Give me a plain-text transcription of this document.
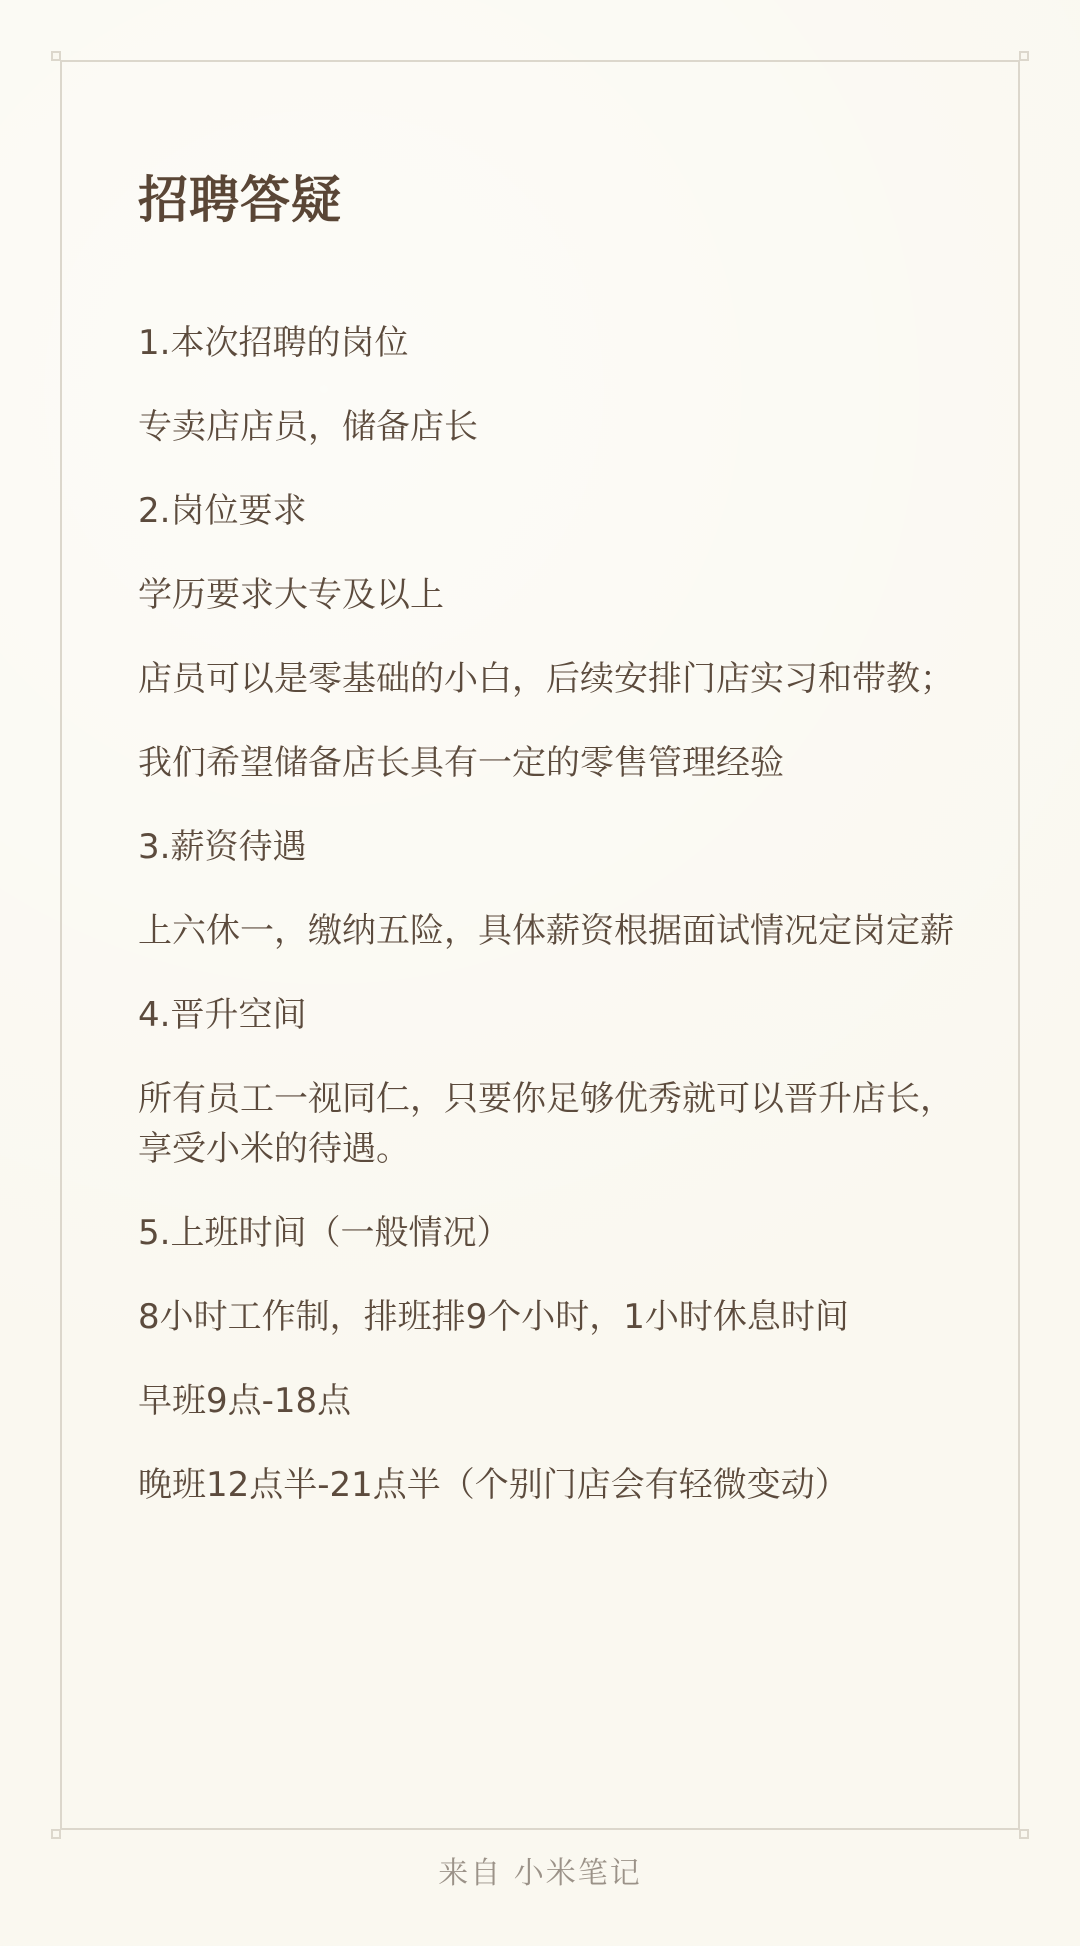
招聘答疑

1.本次招聘的岗位

专卖店店员，储备店长

2.岗位要求

学历要求大专及以上

店员可以是零基础的小白，后续安排门店实习和带教；

我们希望储备店长具有一定的零售管理经验

3.薪资待遇

上六休一，缴纳五险，具体薪资根据面试情况定岗定薪

4.晋升空间

所有员工一视同仁，只要你足够优秀就可以晋升店长，享受小米的待遇。

5.上班时间（一般情况）

8小时工作制，排班排9个小时，1小时休息时间

早班9点-18点

晚班12点半-21点半（个别门店会有轻微变动）

来自 小米笔记
